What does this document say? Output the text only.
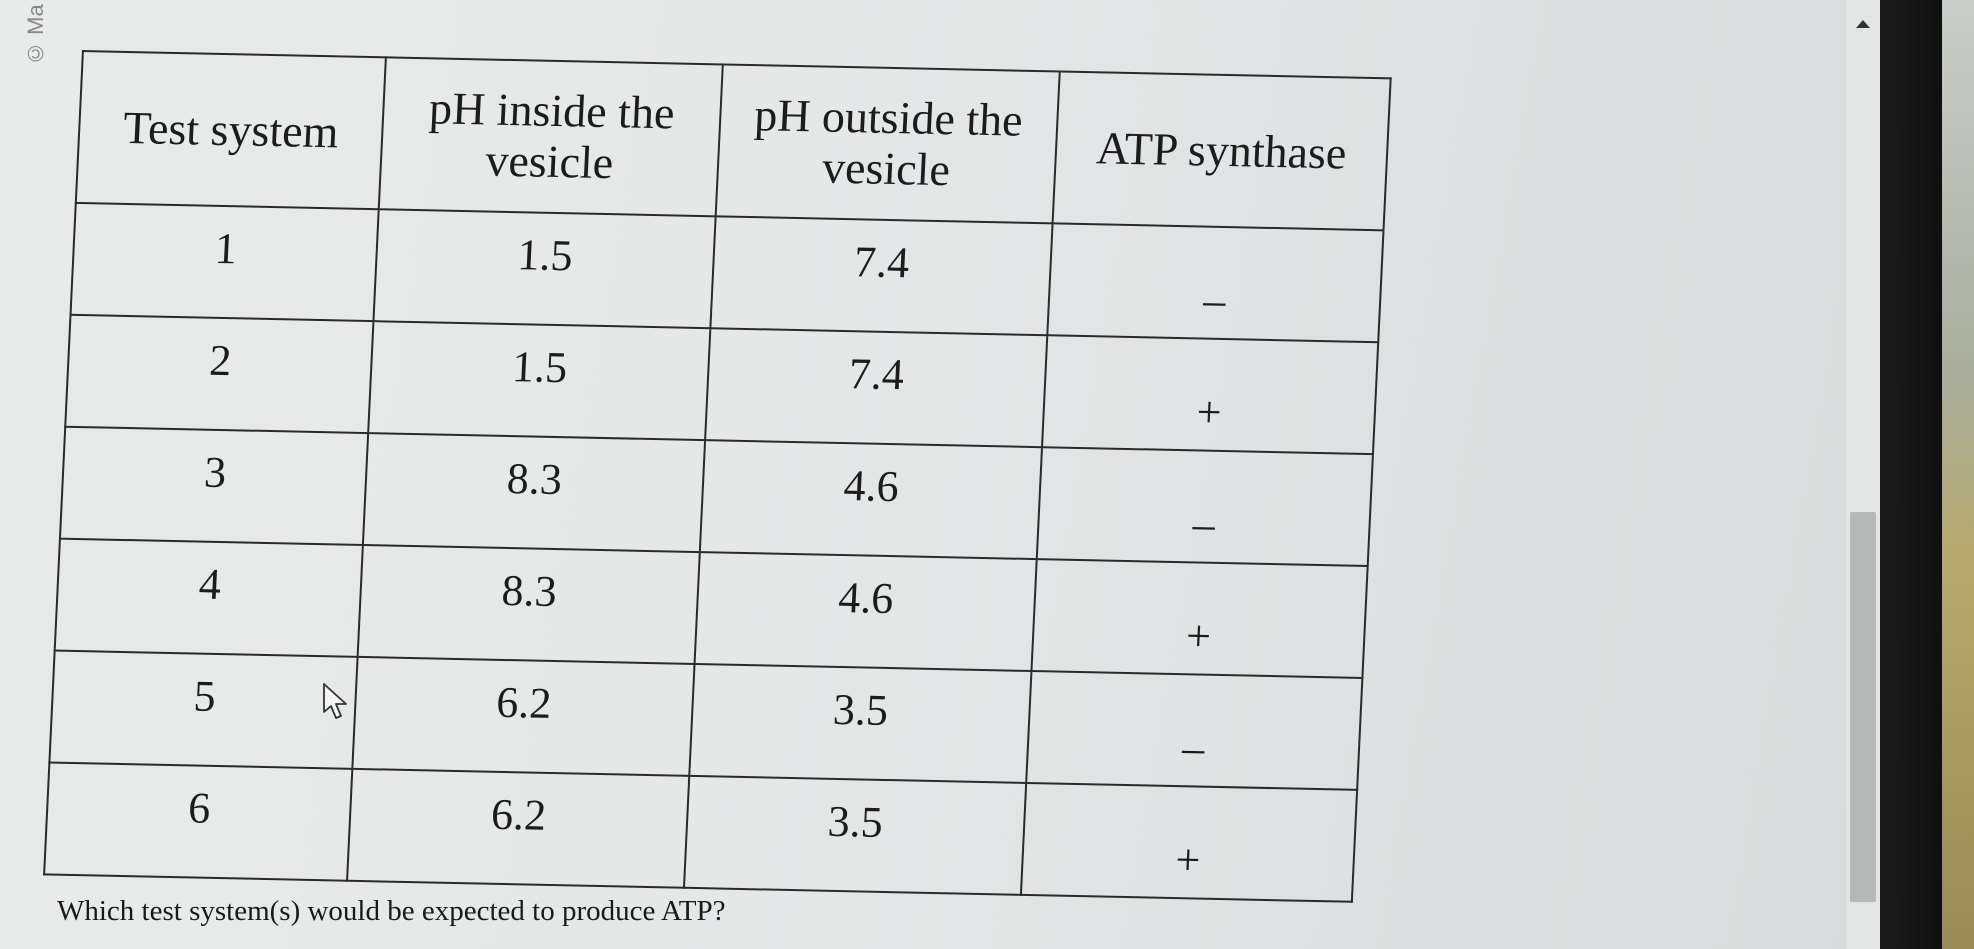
© Ma
Test system	pH inside the vesicle	pH outside the vesicle	ATP synthase
1	1.5	7.4	–
2	1.5	7.4	+
3	8.3	4.6	–
4	8.3	4.6	+
5	6.2	3.5	–
6	6.2	3.5	+
Which test system(s) would be expected to produce ATP?
